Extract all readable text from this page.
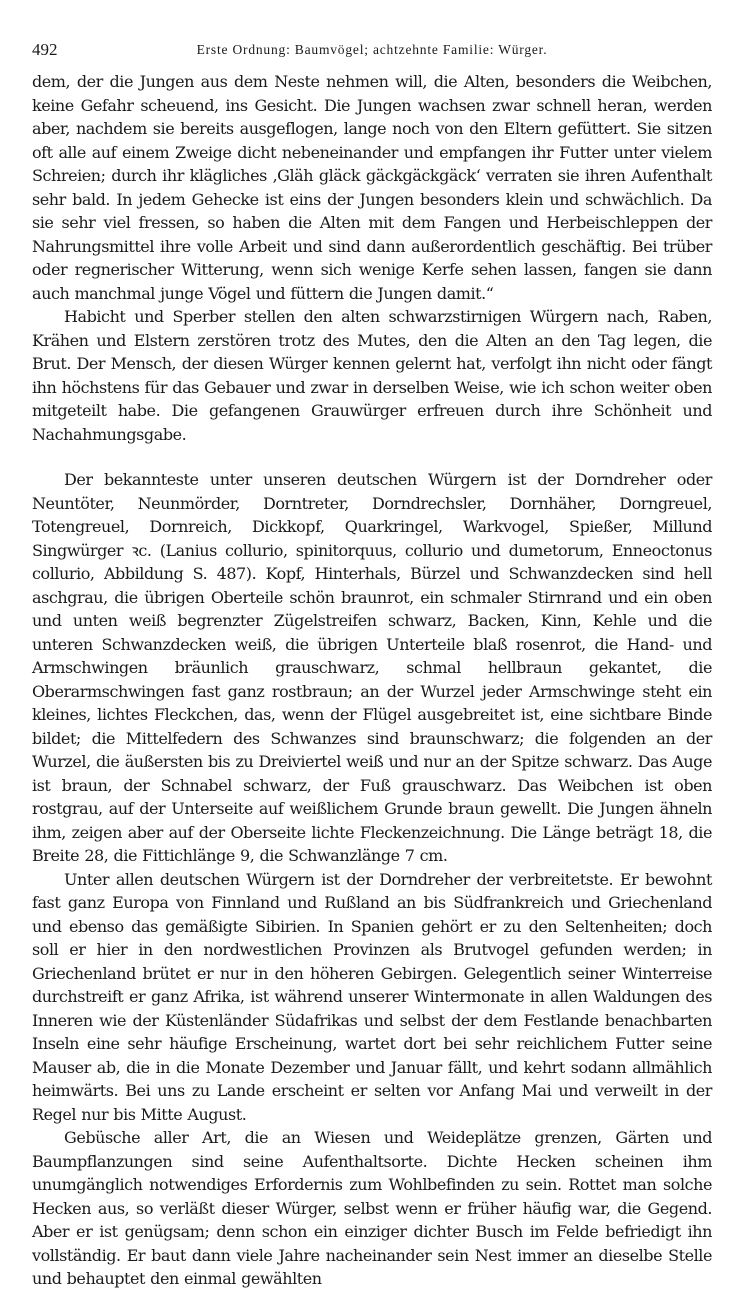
492	Erste Ordnung: Baumvögel; achtzehnte Familie: Würger.

dem, der die Jungen aus dem Neste nehmen will, die Alten, besonders die Weibchen, keine Gefahr scheuend, ins Gesicht. Die Jungen wachsen zwar schnell heran, werden aber, nachdem sie bereits ausgeflogen, lange noch von den Eltern gefüttert. Sie sitzen oft alle auf einem Zweige dicht nebeneinander und empfangen ihr Futter unter vielem Schreien; durch ihr klägliches ‚Gläh gläck gäckgäckgäck‘ verraten sie ihren Aufenthalt sehr bald. In jedem Gehecke ist eins der Jungen besonders klein und schwächlich. Da sie sehr viel fressen, so haben die Alten mit dem Fangen und Herbeischleppen der Nahrungsmittel ihre volle Arbeit und sind dann außerordentlich geschäftig. Bei trüber oder regnerischer Witterung, wenn sich wenige Kerfe sehen lassen, fangen sie dann auch manchmal junge Vögel und füttern die Jungen damit.“

Habicht und Sperber stellen den alten schwarzstirnigen Würgern nach, Raben, Krähen und Elstern zerstören trotz des Mutes, den die Alten an den Tag legen, die Brut. Der Mensch, der diesen Würger kennen gelernt hat, verfolgt ihn nicht oder fängt ihn höchstens für das Gebauer und zwar in derselben Weise, wie ich schon weiter oben mitgeteilt habe. Die gefangenen Grauwürger erfreuen durch ihre Schönheit und Nachahmungsgabe.

Der bekannteste unter unseren deutschen Würgern ist der Dorndreher oder Neuntöter, Neunmörder, Dorntreter, Dorndrechsler, Dornhäher, Dorngreuel, Totengreuel, Dornreich, Dickkopf, Quarkringel, Warkvogel, Spießer, Millund Singwürger ꝛc. (Lanius collurio, spinitorquus, collurio und dumetorum, Enneoctonus collurio, Abbildung S. 487). Kopf, Hinterhals, Bürzel und Schwanzdecken sind hell aschgrau, die übrigen Oberteile schön braunrot, ein schmaler Stirnrand und ein oben und unten weiß begrenzter Zügelstreifen schwarz, Backen, Kinn, Kehle und die unteren Schwanzdecken weiß, die übrigen Unterteile blaß rosenrot, die Hand- und Armschwingen bräunlich grauschwarz, schmal hellbraun gekantet, die Oberarmschwingen fast ganz rostbraun; an der Wurzel jeder Armschwinge steht ein kleines, lichtes Fleckchen, das, wenn der Flügel ausgebreitet ist, eine sichtbare Binde bildet; die Mittelfedern des Schwanzes sind braunschwarz; die folgenden an der Wurzel, die äußersten bis zu Dreiviertel weiß und nur an der Spitze schwarz. Das Auge ist braun, der Schnabel schwarz, der Fuß grauschwarz. Das Weibchen ist oben rostgrau, auf der Unterseite auf weißlichem Grunde braun gewellt. Die Jungen ähneln ihm, zeigen aber auf der Oberseite lichte Fleckenzeichnung. Die Länge beträgt 18, die Breite 28, die Fittichlänge 9, die Schwanzlänge 7 cm.

Unter allen deutschen Würgern ist der Dorndreher der verbreitetste. Er bewohnt fast ganz Europa von Finnland und Rußland an bis Südfrankreich und Griechenland und ebenso das gemäßigte Sibirien. In Spanien gehört er zu den Seltenheiten; doch soll er hier in den nordwestlichen Provinzen als Brutvogel gefunden werden; in Griechenland brütet er nur in den höheren Gebirgen. Gelegentlich seiner Winterreise durchstreift er ganz Afrika, ist während unserer Wintermonate in allen Waldungen des Inneren wie der Küstenländer Südafrikas und selbst der dem Festlande benachbarten Inseln eine sehr häufige Erscheinung, wartet dort bei sehr reichlichem Futter seine Mauser ab, die in die Monate Dezember und Januar fällt, und kehrt sodann allmählich heimwärts. Bei uns zu Lande erscheint er selten vor Anfang Mai und verweilt in der Regel nur bis Mitte August.

Gebüsche aller Art, die an Wiesen und Weideplätze grenzen, Gärten und Baumpflanzungen sind seine Aufenthaltsorte. Dichte Hecken scheinen ihm unumgänglich notwendiges Erfordernis zum Wohlbefinden zu sein. Rottet man solche Hecken aus, so verläßt dieser Würger, selbst wenn er früher häufig war, die Gegend. Aber er ist genügsam; denn schon ein einziger dichter Busch im Felde befriedigt ihn vollständig. Er baut dann viele Jahre nacheinander sein Nest immer an dieselbe Stelle und behauptet den einmal gewählten
